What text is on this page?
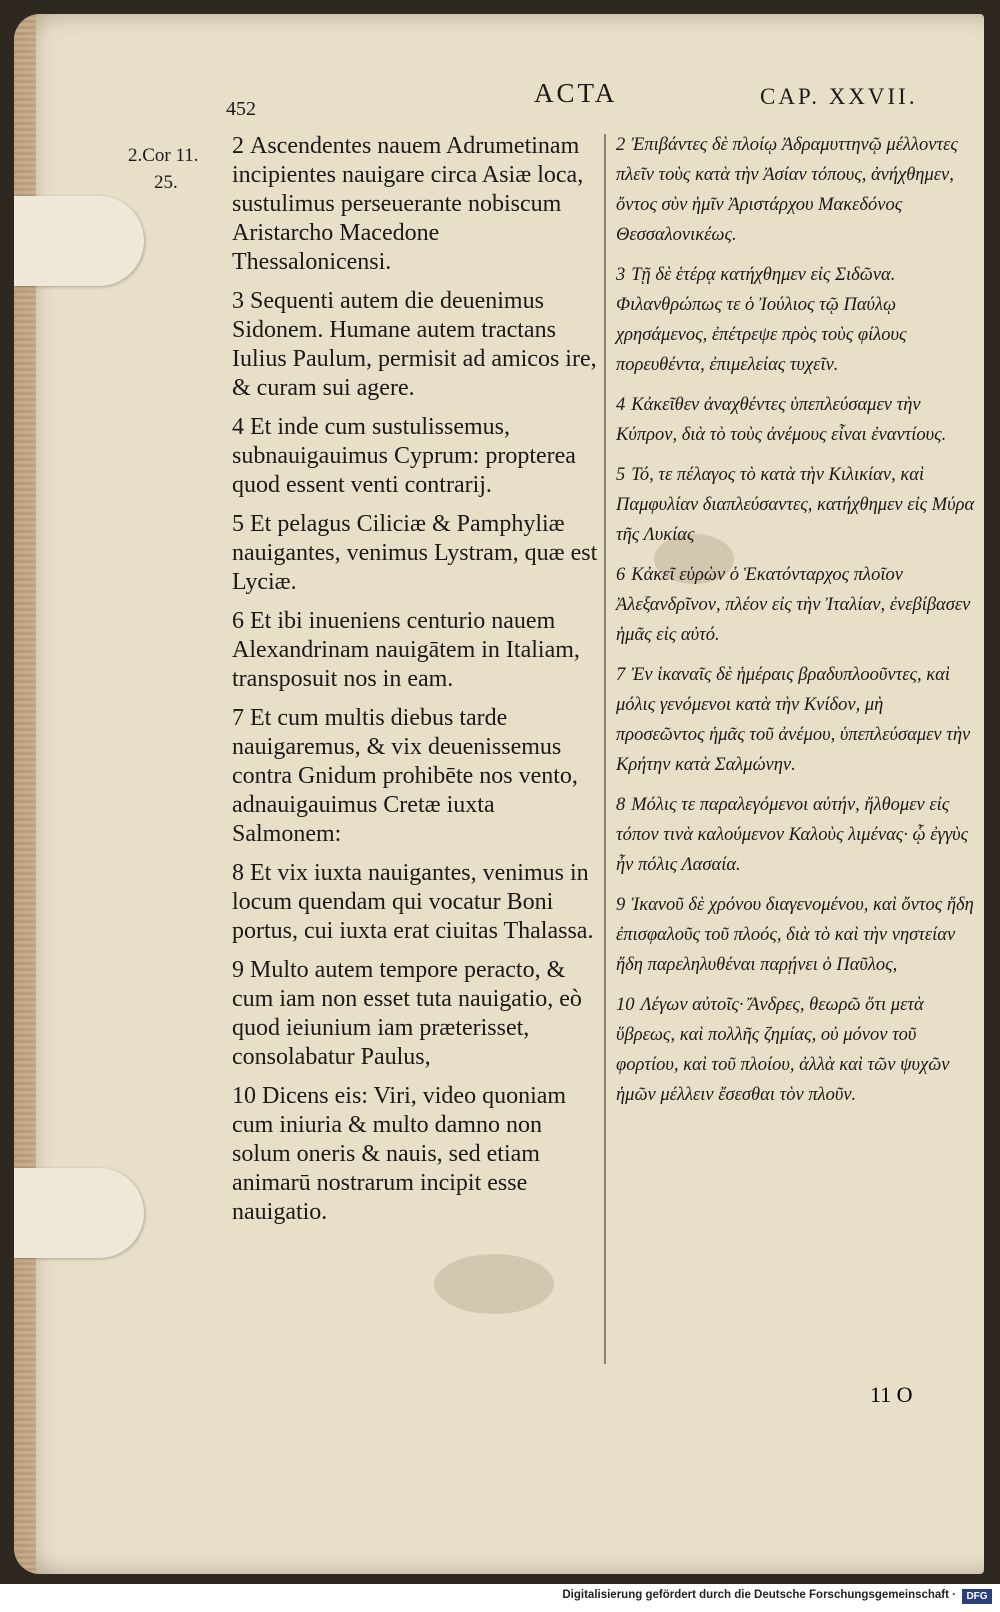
452
ACTA	CAP. XXVII.
2.Cor 11.
25.
2 Ascendentes nauem Adrumetinam incipientes nauigare circa Asiæ loca, sustulimus perseuerante nobiscum Aristarcho Macedone Thessalonicensi.
3 Sequenti autem die deuenimus Sidonem. Humane autem tractans Iulius Paulum, permisit ad amicos ire, & curam sui agere.
4 Et inde cum sustulissemus, subnauigauimus Cyprum: propterea quod essent venti contrarij.
5 Et pelagus Ciliciæ & Pamphyliæ nauigantes, venimus Lystram, quæ est Lyciæ.
6 Et ibi inueniens centurio nauem Alexandrinam nauigātem in Italiam, transposuit nos in eam.
7 Et cum multis diebus tarde nauigaremus, & vix deuenissemus contra Gnidum prohibēte nos vento, adnauigauimus Cretæ iuxta Salmonem:
8 Et vix iuxta nauigantes, venimus in locum quendam qui vocatur Boni portus, cui iuxta erat ciuitas Thalassa.
9 Multo autem tempore peracto, & cum iam non esset tuta nauigatio, eò quod ieiunium iam præterisset, consolabatur Paulus,
10 Dicens eis: Viri, video quoniam cum iniuria & multo damno non solum oneris & nauis, sed etiam animarū nostrarum incipit esse nauigatio.
2 Ἐπιβάντες δὲ πλοίῳ Ἀδραμυττηνῷ μέλλοντες πλεῖν τοὺς κατὰ τὴν Ἀσίαν τόπους, ἀνήχθημεν, ὄντος σὺν ἡμῖν Ἀριστάρχου Μακεδόνος Θεσσαλονικέως.
3 Τῇ δὲ ἑτέρᾳ κατήχθημεν εἰς Σιδῶνα. Φιλανθρώπως τε ὁ Ἰούλιος τῷ Παύλῳ χρησάμενος, ἐπέτρεψε πρὸς τοὺς φίλους πορευθέντα, ἐπιμελείας τυχεῖν.
4 Κἀκεῖθεν ἀναχθέντες ὑπεπλεύσαμεν τὴν Κύπρον, διὰ τὸ τοὺς ἀνέμους εἶναι ἐναντίους.
5 Τό, τε πέλαγος τὸ κατὰ τὴν Κιλικίαν, καὶ Παμφυλίαν διαπλεύσαντες, κατήχθημεν εἰς Μύρα τῆς Λυκίας
6 Κἀκεῖ εὑρὼν ὁ Ἑκατόνταρχος πλοῖον Ἀλεξανδρῖνον, πλέον εἰς τὴν Ἰταλίαν, ἐνεβίβασεν ἡμᾶς εἰς αὐτό.
7 Ἐν ἱκαναῖς δὲ ἡμέραις βραδυπλοοῦντες, καὶ μόλις γενόμενοι κατὰ τὴν Κνίδον, μὴ προσεῶντος ἡμᾶς τοῦ ἀνέμου, ὑπεπλεύσαμεν τὴν Κρήτην κατὰ Σαλμώνην.
8 Μόλις τε παραλεγόμενοι αὐτήν, ἤλθομεν εἰς τόπον τινὰ καλούμενον Καλοὺς λιμένας· ᾧ ἐγγὺς ἦν πόλις Λασαία.
9 Ἱκανοῦ δὲ χρόνου διαγενομένου, καὶ ὄντος ἤδη ἐπισφαλοῦς τοῦ πλοός, διὰ τὸ καὶ τὴν νηστείαν ἤδη παρεληλυθέναι παρῄνει ὁ Παῦλος,
10 Λέγων αὐτοῖς· Ἄνδρες, θεωρῶ ὅτι μετὰ ὕβρεως, καὶ πολλῆς ζημίας, οὐ μόνον τοῦ φορτίου, καὶ τοῦ πλοίου, ἀλλὰ καὶ τῶν ψυχῶν ἡμῶν μέλλειν ἔσεσθαι τὸν πλοῦν.
11 O
Digitalisierung gefördert durch die Deutsche Forschungsgemeinschaft ·	DFG
